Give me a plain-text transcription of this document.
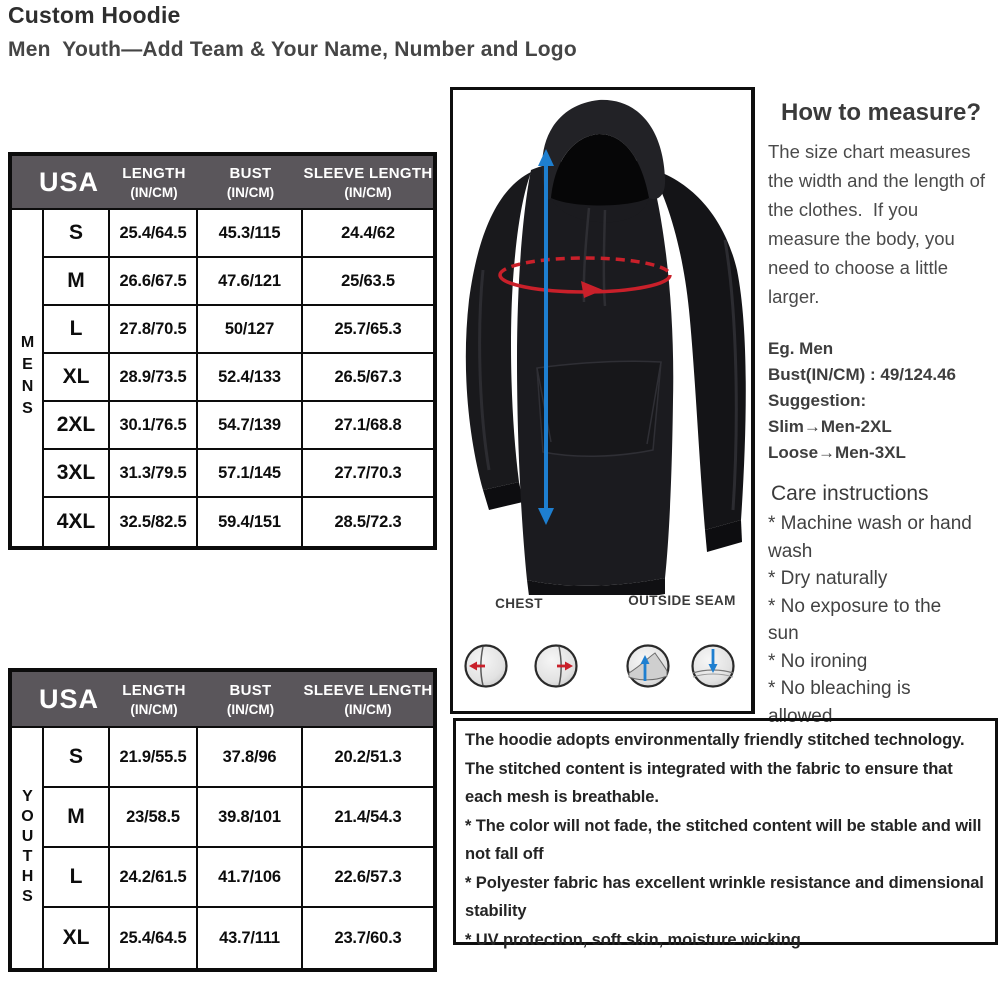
Custom Hoodie
Men  Youth—Add Team & Your Name, Number and Logo
USA	LENGTH
(IN/CM)
BUST
(IN/CM)
SLEEVE LENGTH
(IN/CM)
MENS
S	25.4/64.5	45.3/115	24.4/62
M	26.6/67.5	47.6/121	25/63.5
L	27.8/70.5	50/127	25.7/65.3
XL	28.9/73.5	52.4/133	26.5/67.3
2XL	30.1/76.5	54.7/139	27.1/68.8
3XL	31.3/79.5	57.1/145	27.7/70.3
4XL	32.5/82.5	59.4/151	28.5/72.3
USA	LENGTH
(IN/CM)
BUST
(IN/CM)
SLEEVE LENGTH
(IN/CM)
YOUTHS
S	21.9/55.5	37.8/96	20.2/51.3
M	23/58.5	39.8/101	21.4/54.3
L	24.2/61.5	41.7/106	22.6/57.3
XL	25.4/64.5	43.7/111	23.7/60.3
CHEST	OUTSIDE SEAM
How to measure?

The size chart measures the width and the length of the clothes.  If you measure the body, you need to choose a little larger.

Eg. Men
Bust(IN/CM) : 49/124.46
Suggestion:
Slim→Men-2XL
Loose→Men-3XL
Care instructions
* Machine wash or hand wash
* Dry naturally
* No exposure to the sun
* No ironing
* No bleaching is allowed

The hoodie adopts environmentally friendly stitched technology. The stitched content is integrated with the fabric to ensure that each mesh is breathable.

* The color will not fade, the stitched content will be stable and will not fall off

* Polyester fabric has excellent wrinkle resistance and dimensional stability

* UV protection, soft skin, moisture wicking
